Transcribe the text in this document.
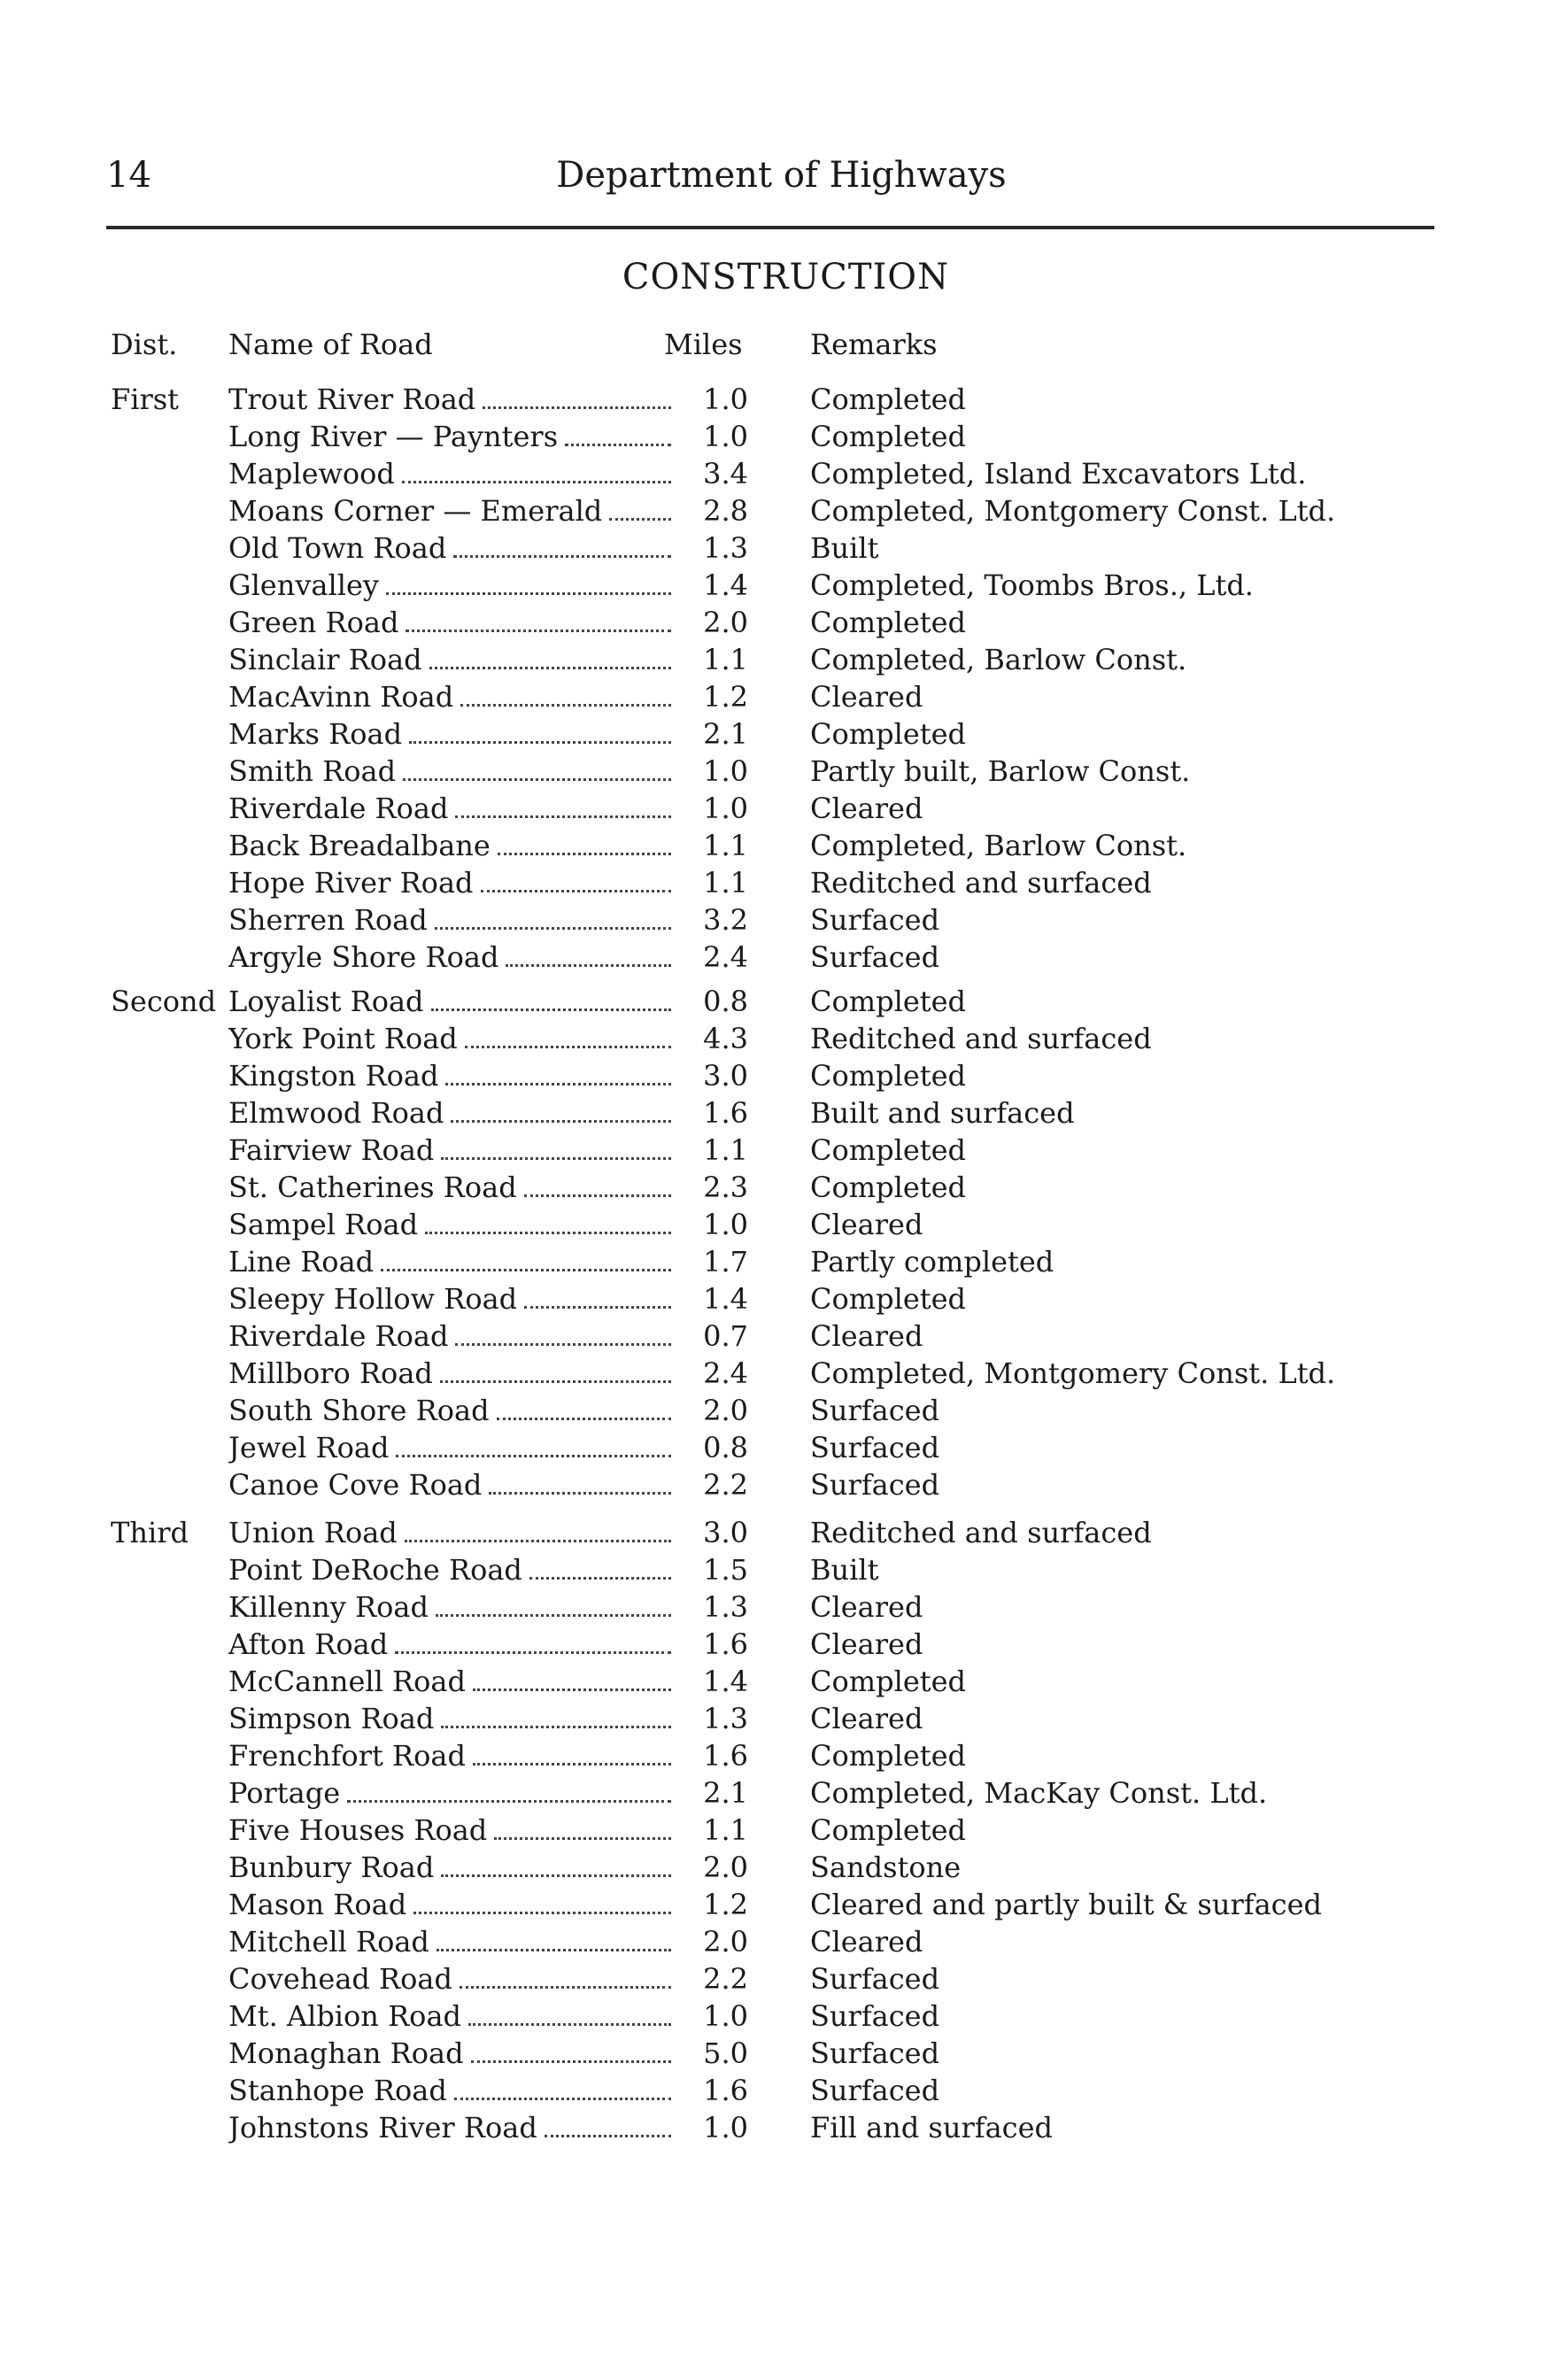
14	Department of Highways
CONSTRUCTION
Dist. Name of Road	Miles Remarks
First Trout River Road	1.0 Completed
Long River — Paynters	1.0 Completed
Maplewood	3.4 Completed, Island Excavators Ltd.
Moans Corner — Emerald	2.8 Completed, Montgomery Const. Ltd.
Old Town Road	1.3 Built
Glenvalley	1.4 Completed, Toombs Bros., Ltd.
Green Road	2.0 Completed
Sinclair Road	1.1 Completed, Barlow Const.
MacAvinn Road	1.2 Cleared
Marks Road	2.1 Completed
Smith Road	1.0 Partly built, Barlow Const.
Riverdale Road	1.0 Cleared
Back Breadalbane	1.1 Completed, Barlow Const.
Hope River Road	1.1 Reditched and surfaced
Sherren Road	3.2 Surfaced
Argyle Shore Road	2.4 Surfaced
Second Loyalist Road	0.8 Completed
York Point Road	4.3 Reditched and surfaced
Kingston Road	3.0 Completed
Elmwood Road	1.6 Built and surfaced
Fairview Road	1.1 Completed
St. Catherines Road	2.3 Completed
Sampel Road	1.0 Cleared
Line Road	1.7 Partly completed
Sleepy Hollow Road	1.4 Completed
Riverdale Road	0.7 Cleared
Millboro Road	2.4 Completed, Montgomery Const. Ltd.
South Shore Road	2.0 Surfaced
Jewel Road	0.8 Surfaced
Canoe Cove Road	2.2 Surfaced
Third Union Road	3.0 Reditched and surfaced
Point DeRoche Road	1.5 Built
Killenny Road	1.3 Cleared
Afton Road	1.6 Cleared
McCannell Road	1.4 Completed
Simpson Road	1.3 Cleared
Frenchfort Road	1.6 Completed
Portage	2.1 Completed, MacKay Const. Ltd.
Five Houses Road	1.1 Completed
Bunbury Road	2.0 Sandstone
Mason Road	1.2 Cleared and partly built & surfaced
Mitchell Road	2.0 Cleared
Covehead Road	2.2 Surfaced
Mt. Albion Road	1.0 Surfaced
Monaghan Road	5.0 Surfaced
Stanhope Road	1.6 Surfaced
Johnstons River Road	1.0 Fill and surfaced
